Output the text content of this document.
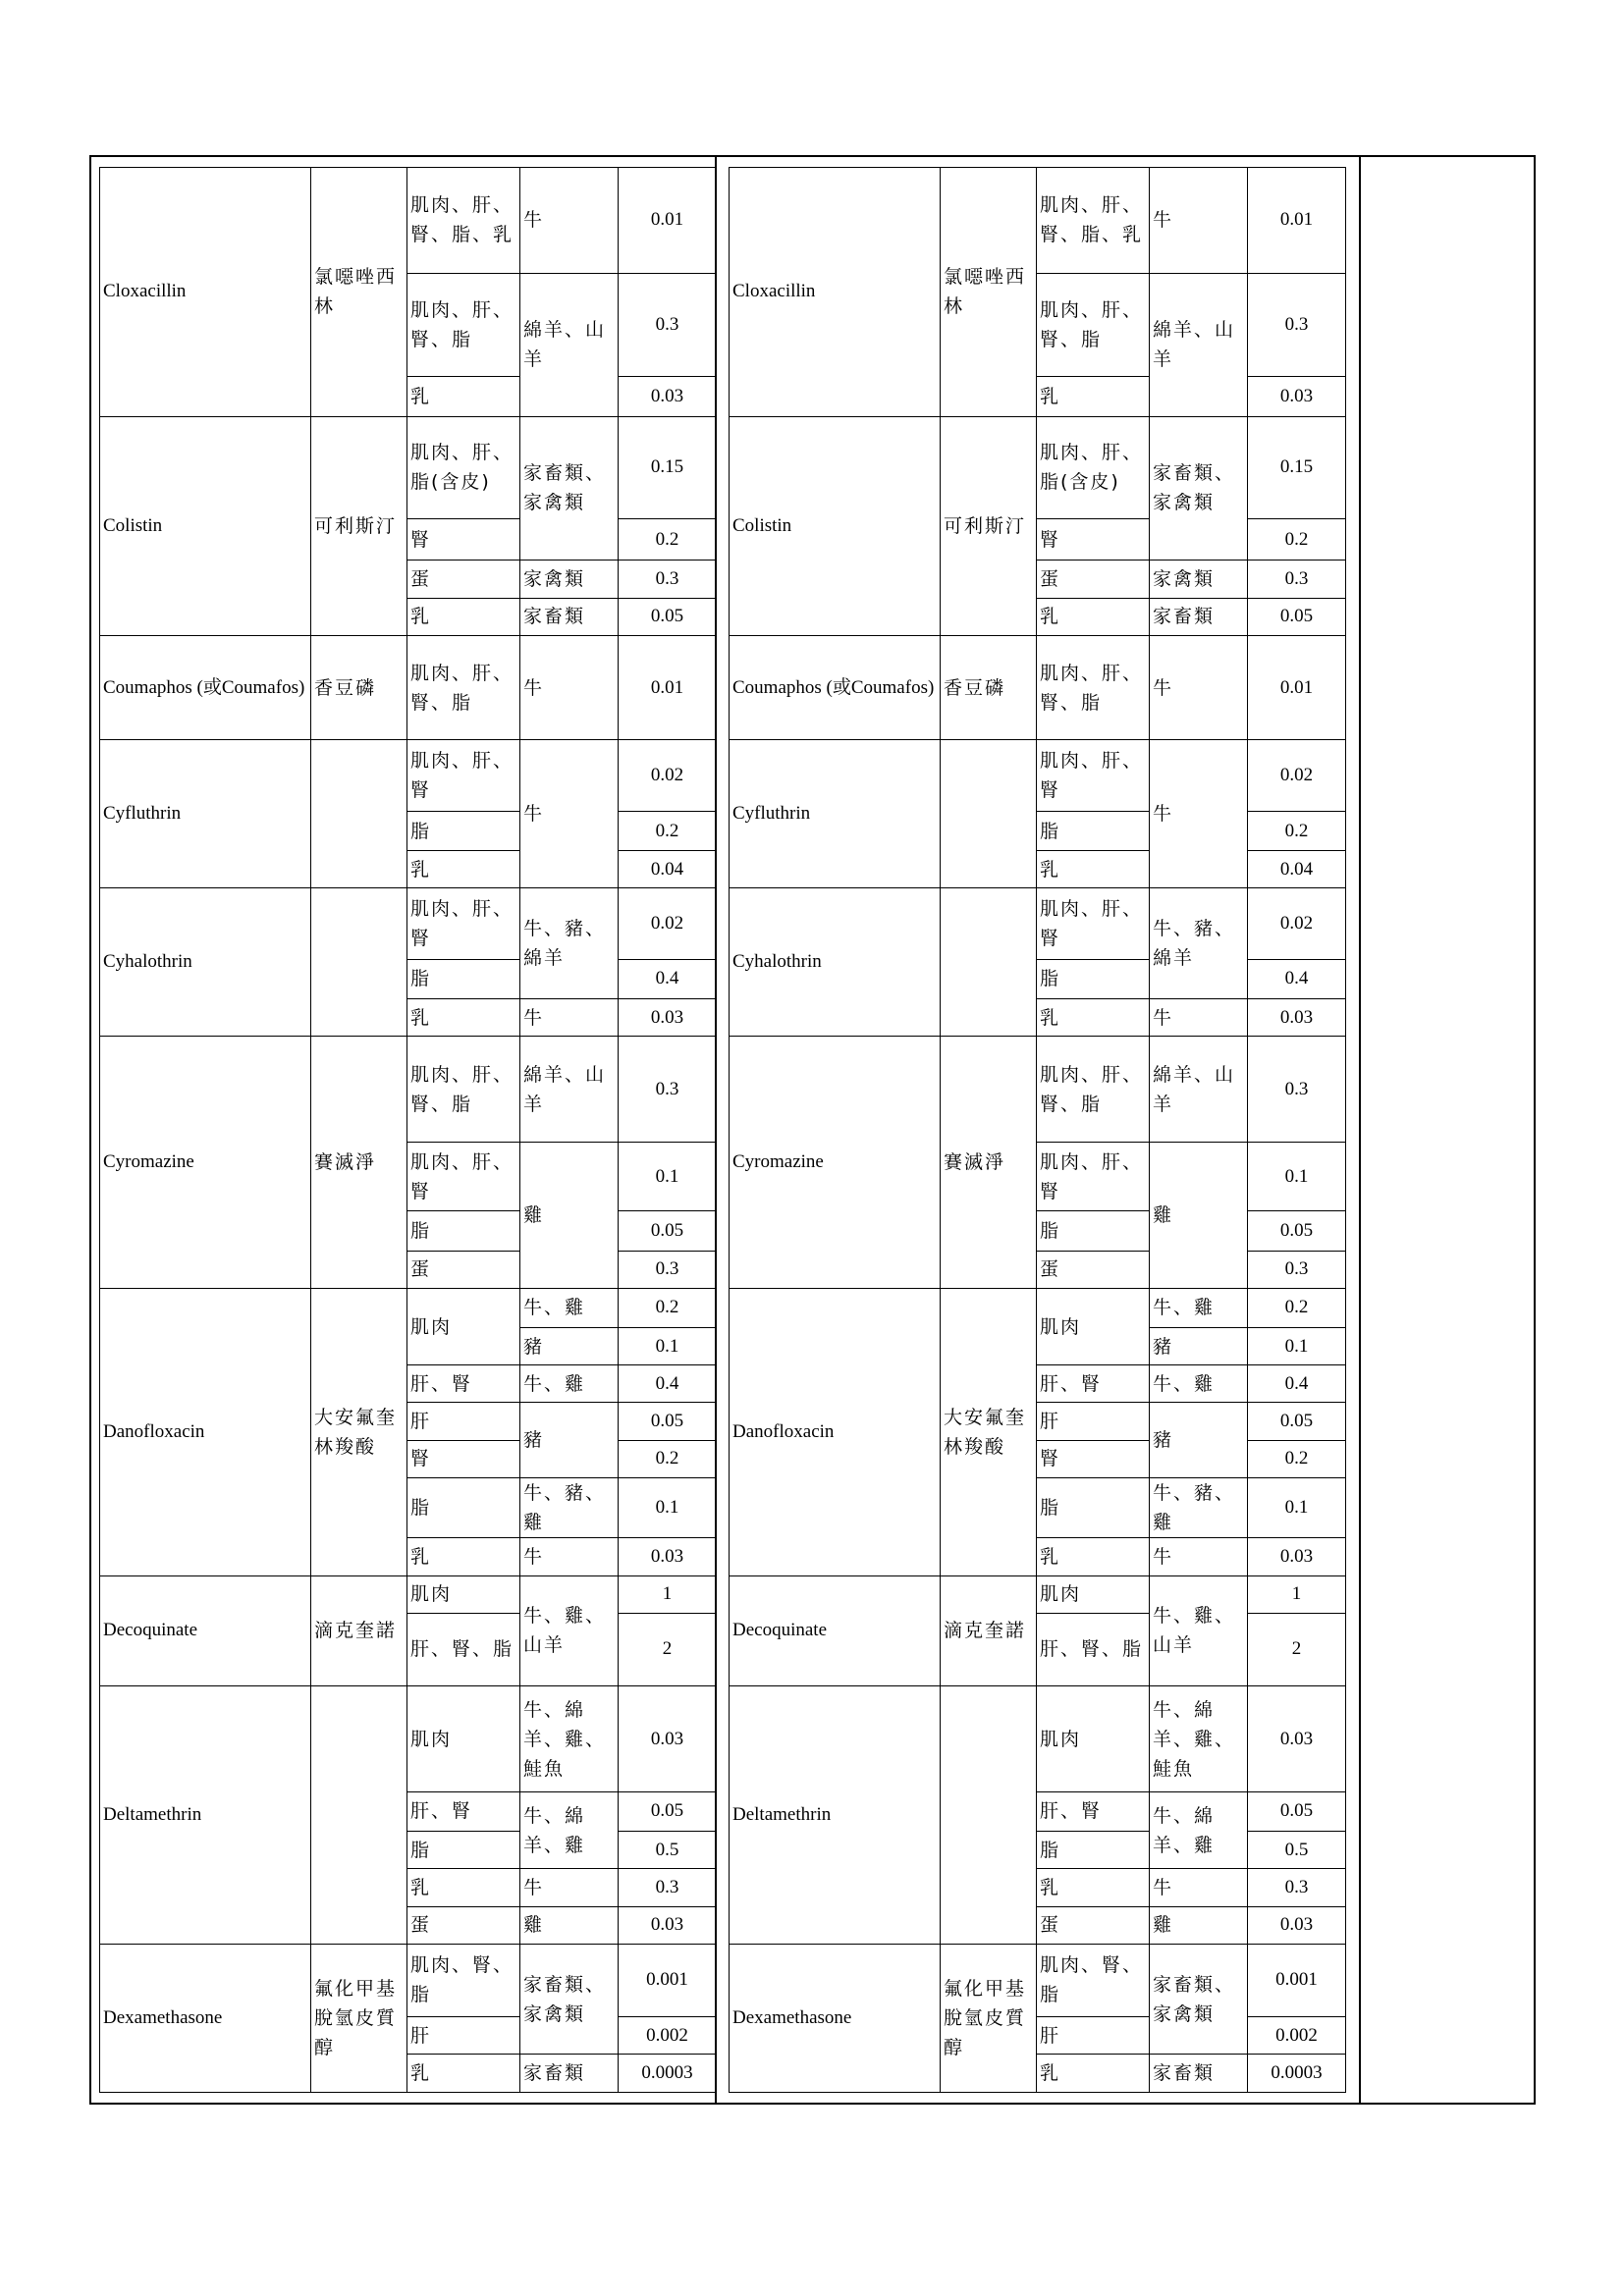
Cloxacillin	氯噁唑西林	肌肉、肝、腎、脂、乳	牛	0.01
		肌肉、肝、腎、脂	綿羊、山羊	0.3
		乳		0.03
Colistin	可利斯汀	肌肉、肝、脂(含皮)	家畜類、家禽類	0.15
		腎		0.2
		蛋	家禽類	0.3
		乳	家畜類	0.05
Coumaphos (或Coumafos)	香豆磷	肌肉、肝、腎、脂	牛	0.01
Cyfluthrin		肌肉、肝、腎	牛	0.02
		脂		0.2
		乳		0.04
Cyhalothrin		肌肉、肝、腎	牛、豬、綿羊	0.02
		脂		0.4
		乳	牛	0.03
Cyromazine	賽滅淨	肌肉、肝、腎、脂	綿羊、山羊	0.3
		肌肉、肝、腎	雞	0.1
		脂		0.05
		蛋		0.3
Danofloxacin	大安氟奎林羧酸	肌肉	牛、雞	0.2
			豬	0.1
		肝、腎	牛、雞	0.4
		肝	豬	0.05
		腎		0.2
		脂	牛、豬、雞	0.1
		乳	牛	0.03
Decoquinate	滴克奎諾	肌肉	牛、雞、山羊	1
		肝、腎、脂		2
Deltamethrin		肌肉	牛、綿羊、雞、鮭魚	0.03
		肝、腎	牛、綿羊、雞	0.05
		脂		0.5
		乳	牛	0.3
		蛋	雞	0.03
Dexamethasone	氟化甲基脫氫皮質醇	肌肉、腎、脂	家畜類、家禽類	0.001
		肝		0.002
		乳	家畜類	0.0003
Cloxacillin	氯噁唑西林	肌肉、肝、腎、脂、乳	牛	0.01
		肌肉、肝、腎、脂	綿羊、山羊	0.3
		乳		0.03
Colistin	可利斯汀	肌肉、肝、脂(含皮)	家畜類、家禽類	0.15
		腎		0.2
		蛋	家禽類	0.3
		乳	家畜類	0.05
Coumaphos (或Coumafos)	香豆磷	肌肉、肝、腎、脂	牛	0.01
Cyfluthrin		肌肉、肝、腎	牛	0.02
		脂		0.2
		乳		0.04
Cyhalothrin		肌肉、肝、腎	牛、豬、綿羊	0.02
		脂		0.4
		乳	牛	0.03
Cyromazine	賽滅淨	肌肉、肝、腎、脂	綿羊、山羊	0.3
		肌肉、肝、腎	雞	0.1
		脂		0.05
		蛋		0.3
Danofloxacin	大安氟奎林羧酸	肌肉	牛、雞	0.2
			豬	0.1
		肝、腎	牛、雞	0.4
		肝	豬	0.05
		腎		0.2
		脂	牛、豬、雞	0.1
		乳	牛	0.03
Decoquinate	滴克奎諾	肌肉	牛、雞、山羊	1
		肝、腎、脂		2
Deltamethrin		肌肉	牛、綿羊、雞、鮭魚	0.03
		肝、腎	牛、綿羊、雞	0.05
		脂		0.5
		乳	牛	0.3
		蛋	雞	0.03
Dexamethasone	氟化甲基脫氫皮質醇	肌肉、腎、脂	家畜類、家禽類	0.001
		肝		0.002
		乳	家畜類	0.0003
